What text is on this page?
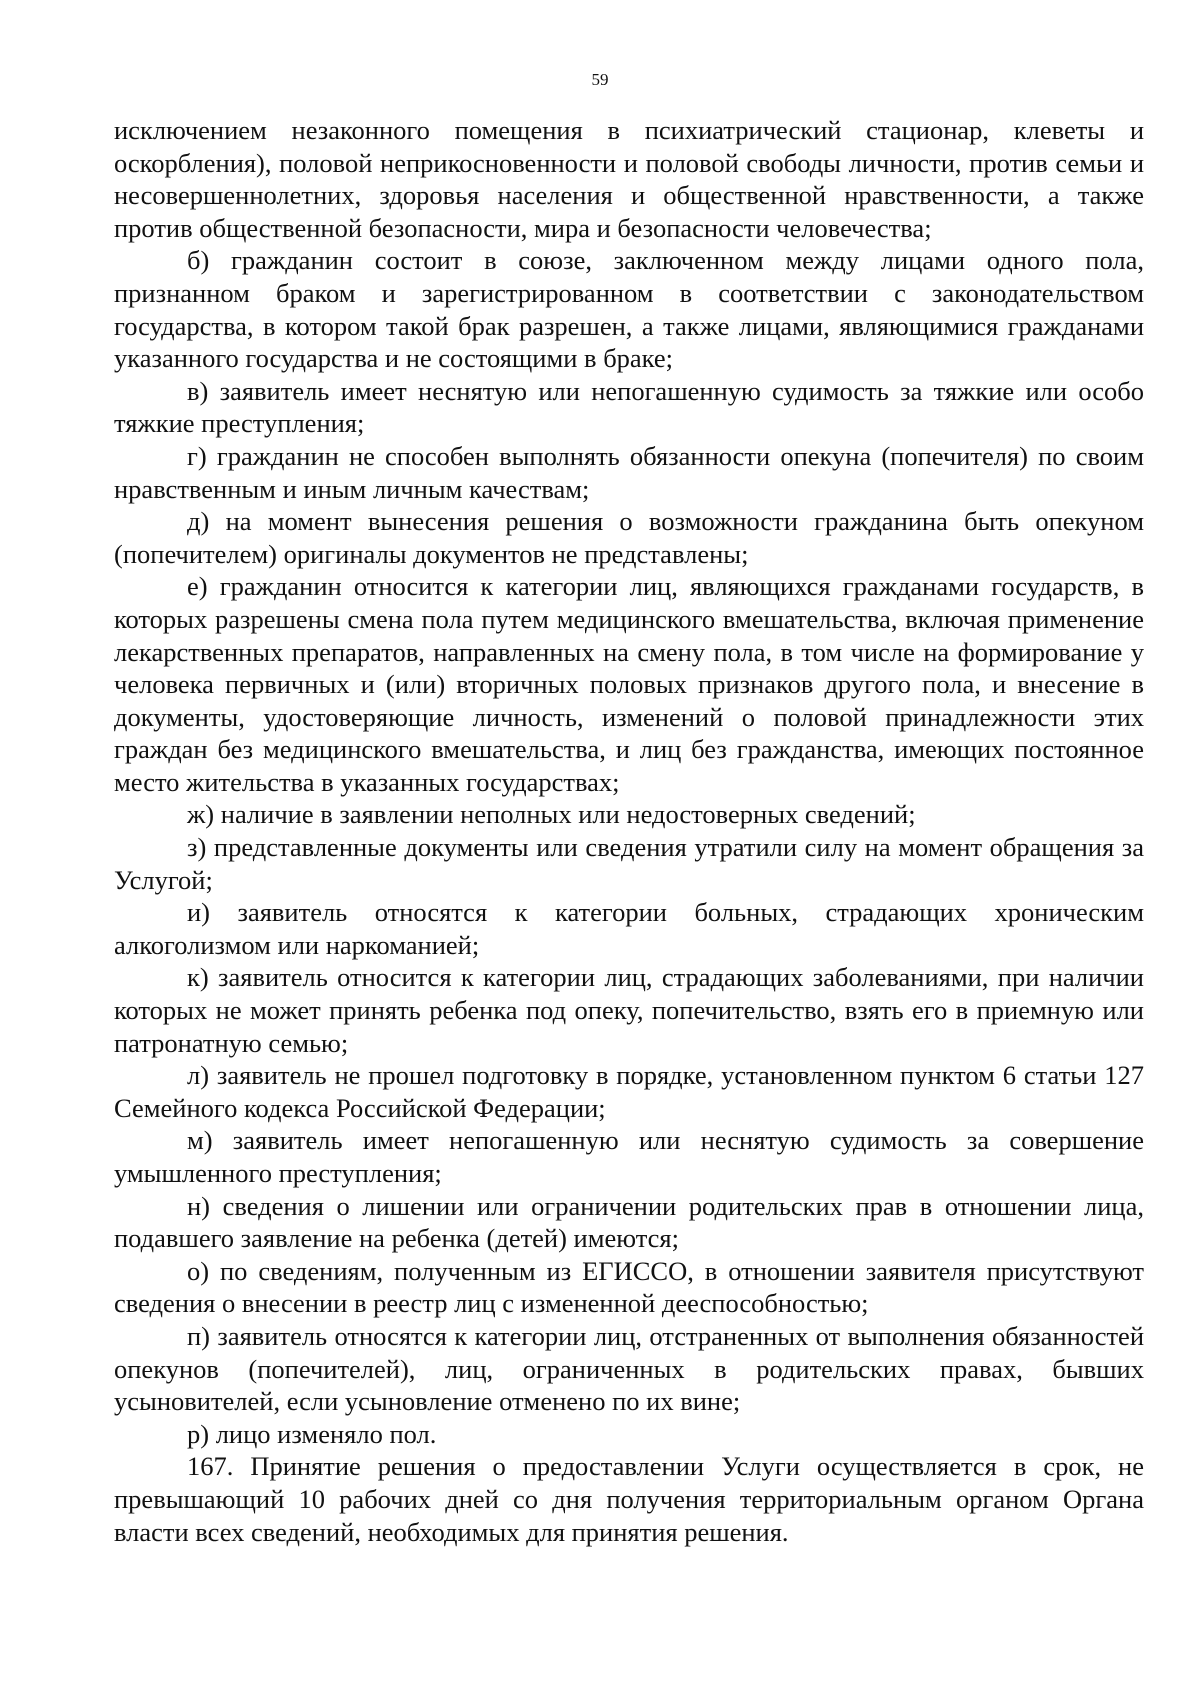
59

исключением незаконного помещения в психиатрический стационар, клеветы и оскорбления), половой неприкосновенности и половой свободы личности, против семьи и несовершеннолетних, здоровья населения и общественной нравственности, а также против общественной безопасности, мира и безопасности человечества;

б) гражданин состоит в союзе, заключенном между лицами одного пола, признанном браком и зарегистрированном в соответствии с законодательством государства, в котором такой брак разрешен, а также лицами, являющимися гражданами указанного государства и не состоящими в браке;

в) заявитель имеет неснятую или непогашенную судимость за тяжкие или особо тяжкие преступления;

г) гражданин не способен выполнять обязанности опекуна (попечителя) по своим нравственным и иным личным качествам;

д) на момент вынесения решения о возможности гражданина быть опекуном (попечителем) оригиналы документов не представлены;

е) гражданин относится к категории лиц, являющихся гражданами государств, в которых разрешены смена пола путем медицинского вмешательства, включая применение лекарственных препаратов, направленных на смену пола, в том числе на формирование у человека первичных и (или) вторичных половых признаков другого пола, и внесение в документы, удостоверяющие личность, изменений о половой принадлежности этих граждан без медицинского вмешательства, и лиц без гражданства, имеющих постоянное место жительства в указанных государствах;

ж) наличие в заявлении неполных или недостоверных сведений;

з) представленные документы или сведения утратили силу на момент обращения за Услугой;

и) заявитель относятся к категории больных, страдающих хроническим алкоголизмом или наркоманией;

к) заявитель относится к категории лиц, страдающих заболеваниями, при наличии которых не может принять ребенка под опеку, попечительство, взять его в приемную или патронатную семью;

л) заявитель не прошел подготовку в порядке, установленном пунктом 6 статьи 127 Семейного кодекса Российской Федерации;

м) заявитель имеет непогашенную или неснятую судимость за совершение умышленного преступления;

н) сведения о лишении или ограничении родительских прав в отношении лица, подавшего заявление на ребенка (детей) имеются;

о) по сведениям, полученным из ЕГИССО, в отношении заявителя присутствуют сведения о внесении в реестр лиц с измененной дееспособностью;

п) заявитель относятся к категории лиц, отстраненных от выполнения обязанностей опекунов (попечителей), лиц, ограниченных в родительских правах, бывших усыновителей, если усыновление отменено по их вине;

р) лицо изменяло пол.

167. Принятие решения о предоставлении Услуги осуществляется в срок, не превышающий 10 рабочих дней со дня получения территориальным органом Органа власти всех сведений, необходимых для принятия решения.
